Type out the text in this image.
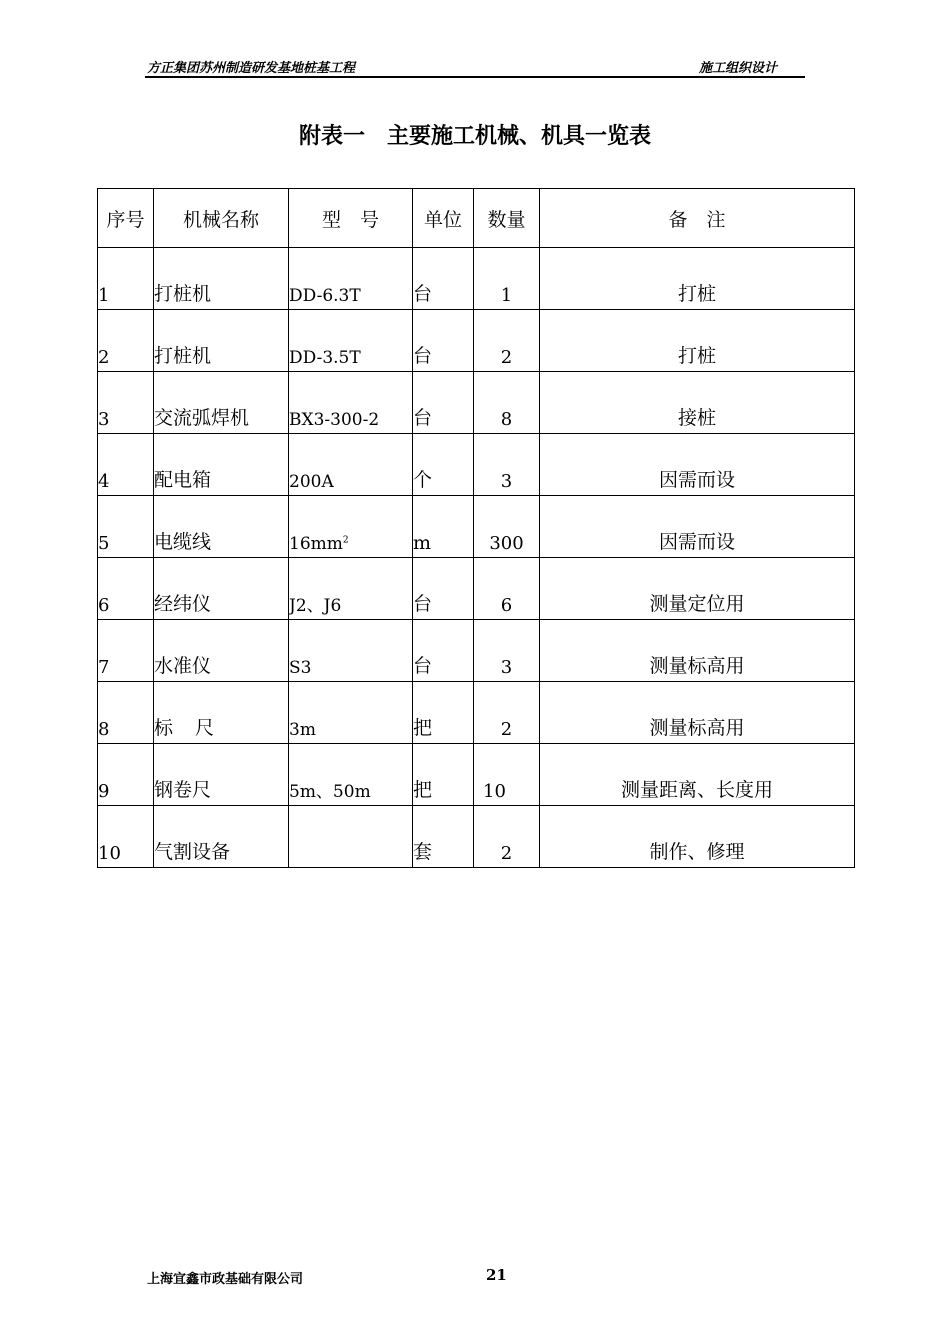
方正集团苏州制造研发基地桩基工程	施工组织设计
附表一　主要施工机械、机具一览表
序号	机械名称	型　号	单位	数量	备　注
1	打桩机	DD-6.3T	台	1	打桩
2	打桩机	DD-3.5T	台	2	打桩
3	交流弧焊机	BX3-300-2	台	8	接桩
4	配电箱	200A	个	3	因需而设
5	电缆线	$16mm^2$	m	300	因需而设
6	经纬仪	J2、J6	台	6	测量定位用
7	水准仪	S3	台	3	测量标高用
8	标尺	3m	把	2	测量标高用
9	钢卷尺	5m、50m	把	10	测量距离、长度用
10	气割设备		套	2	制作、修理
上海宜鑫市政基础有限公司	21
